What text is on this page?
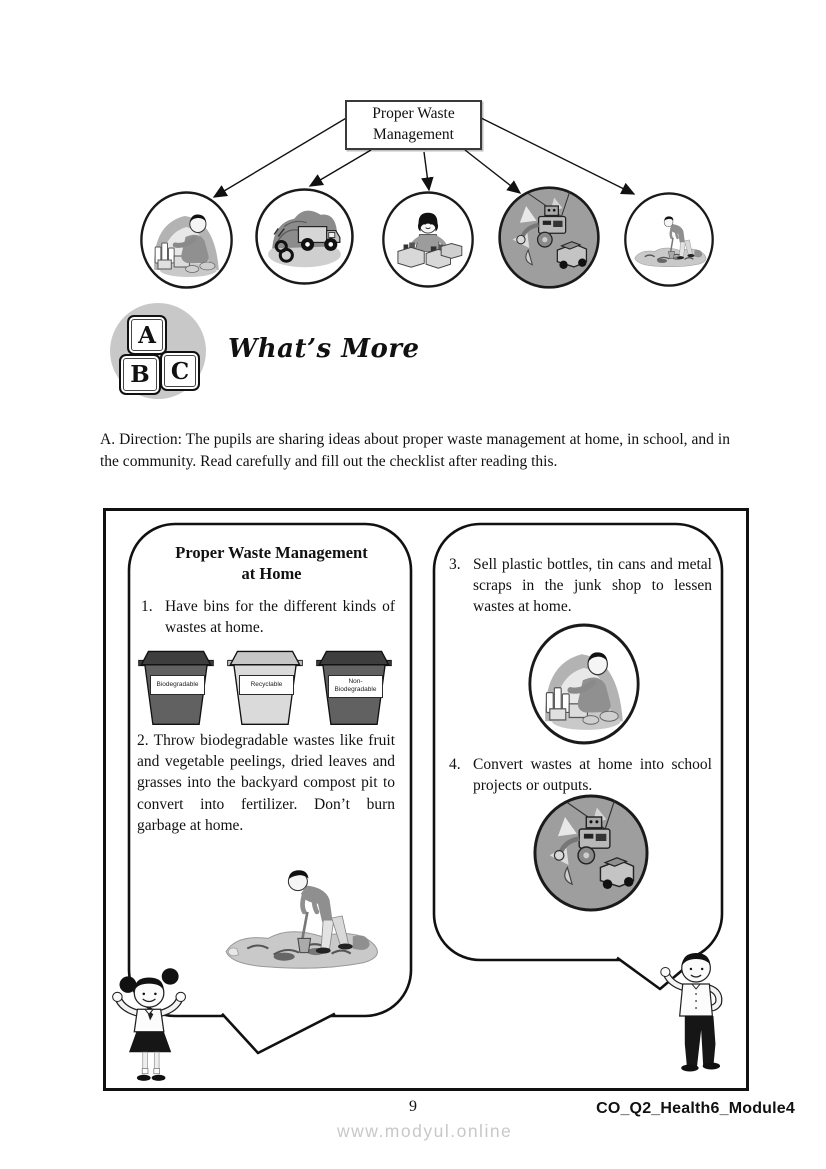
Proper Waste Management
A
B C
What’s More
A. Direction: The pupils are sharing ideas about proper waste management at home, in school, and in the community. Read carefully and fill out the checklist after reading this.
Proper Waste Management
at Home
1. Have bins for the different kinds of wastes at home.
Biodegradable	Recyclable	Non-Biodegradable
2. Throw biodegradable wastes like fruit and vegetable peelings, dried leaves and grasses into the backyard compost pit to convert into fertilizer. Don’t burn garbage at home.
3. Sell plastic bottles, tin cans and metal scraps in the junk shop to lessen wastes at home.
4. Convert wastes at home into school projects or outputs.
9	CO_Q2_Health6_Module4
www.modyul.online
